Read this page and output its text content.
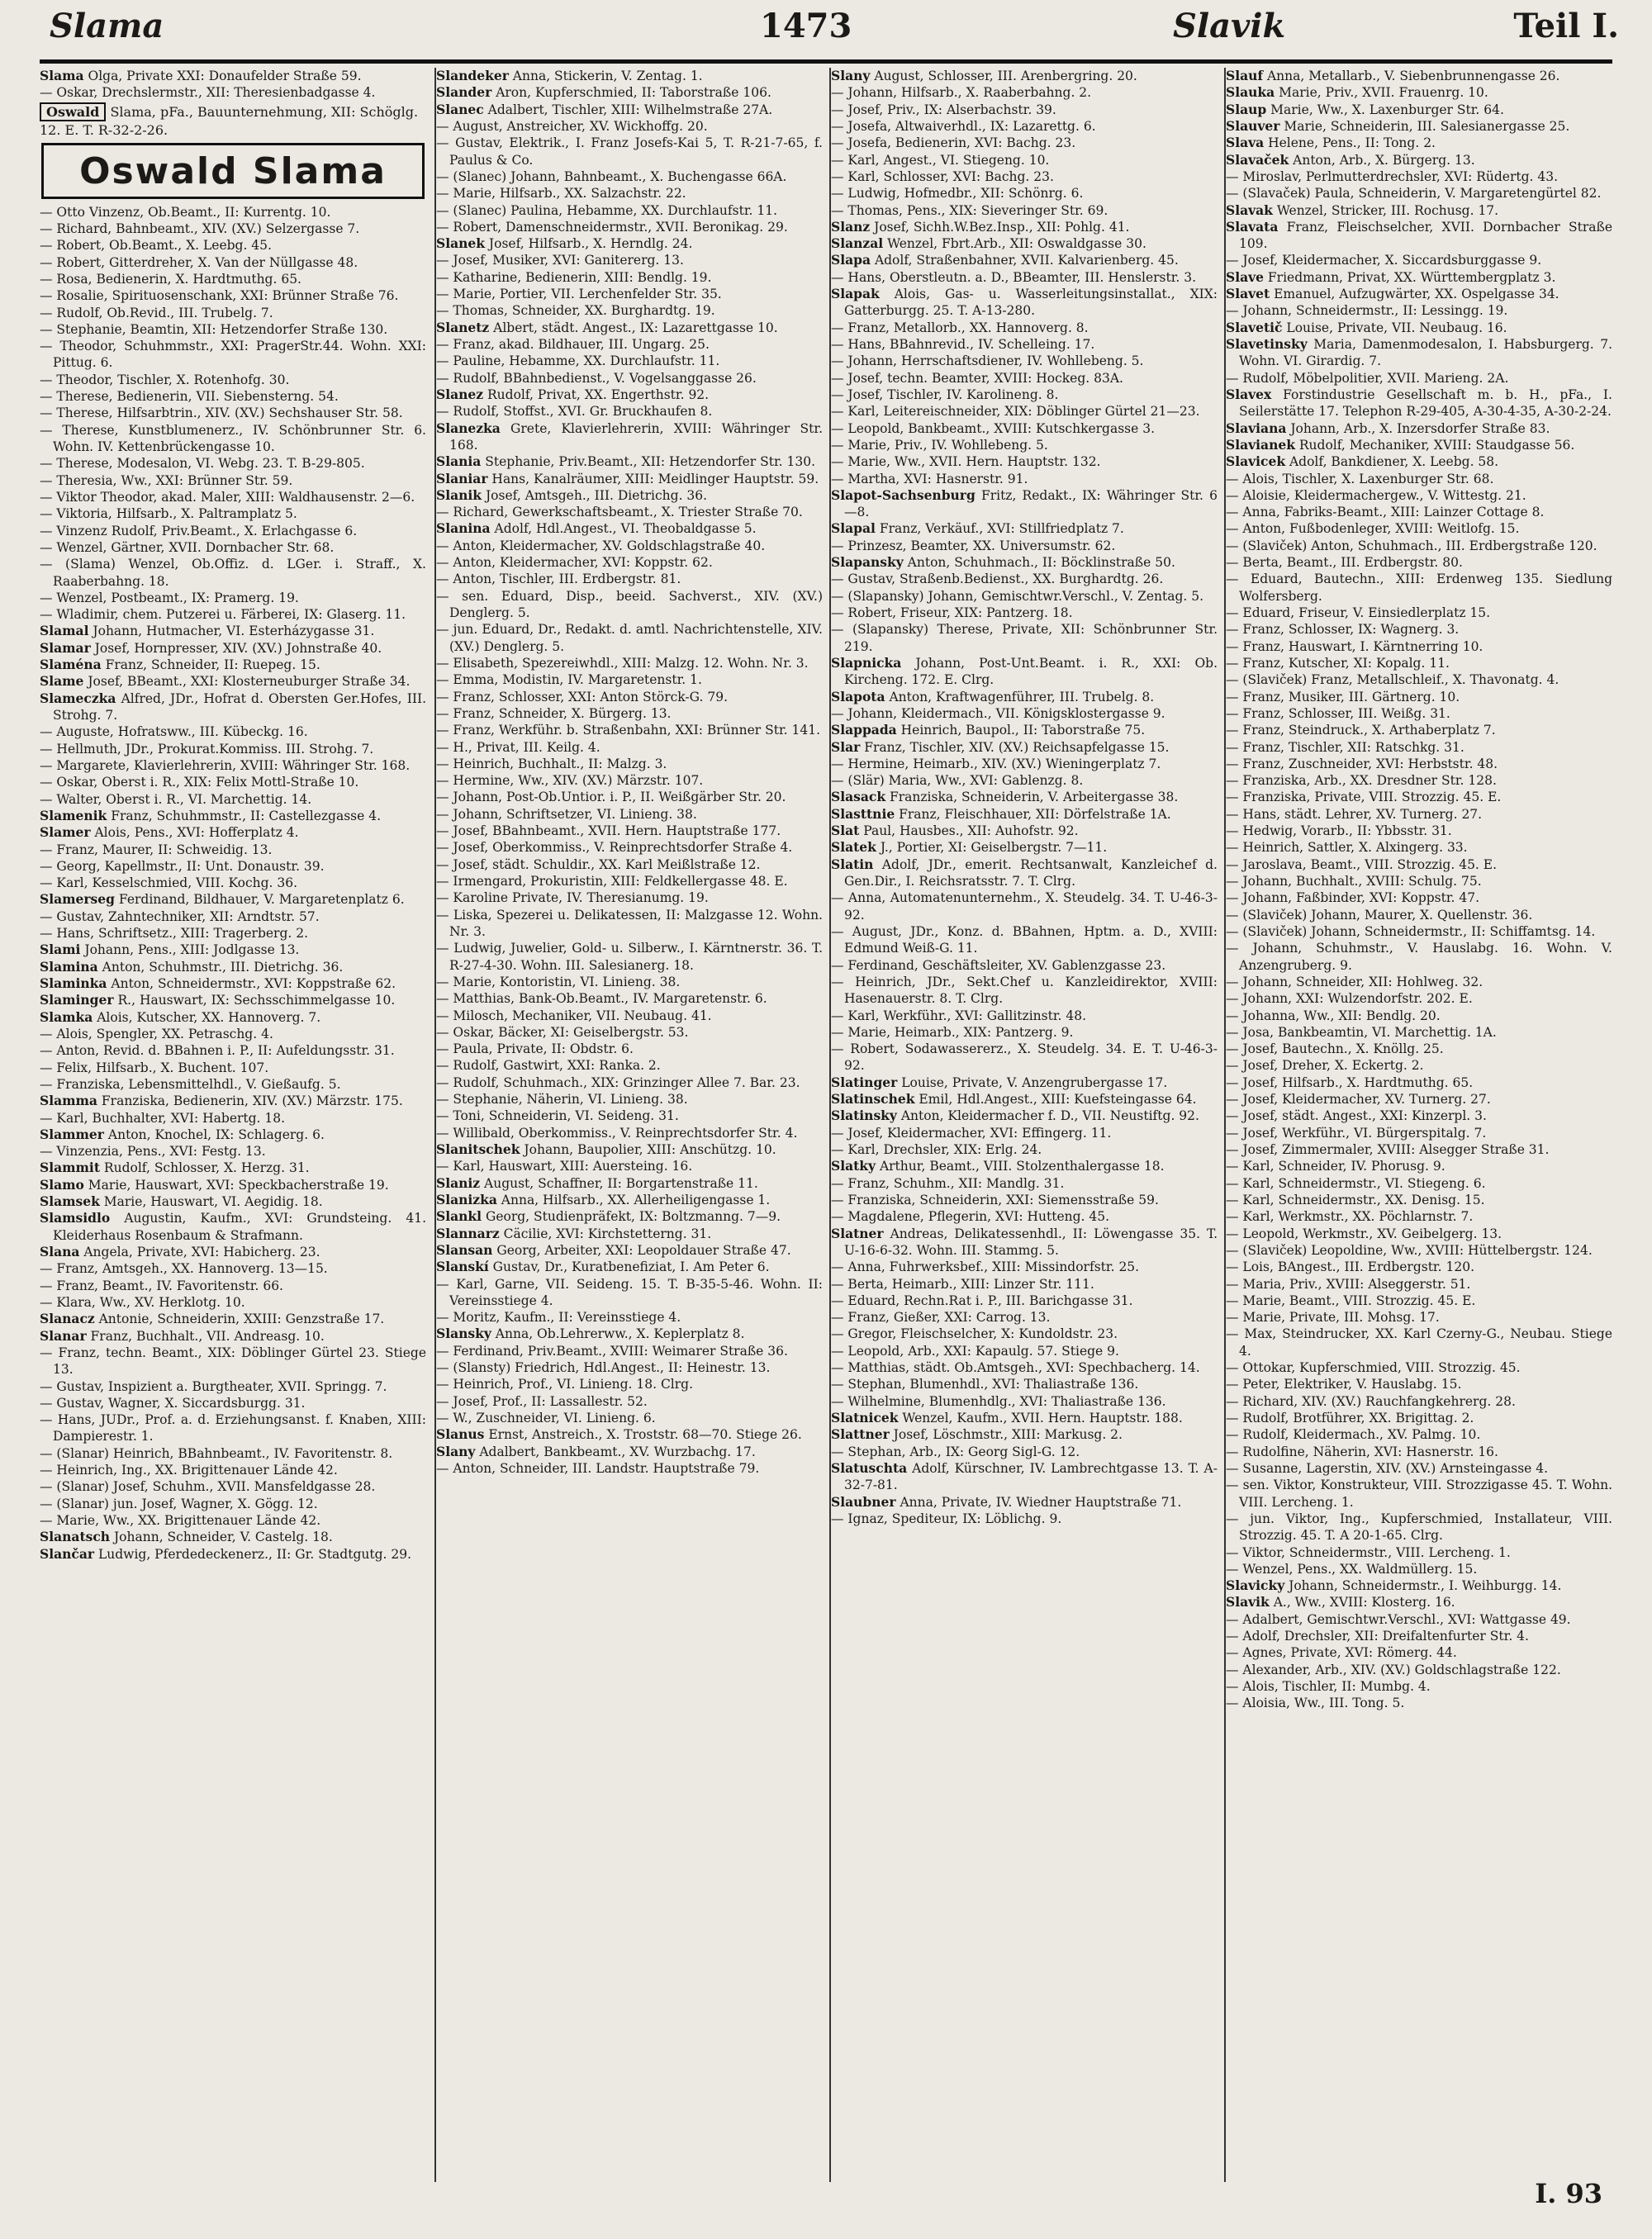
Slama	1473	Slavik	Teil I.

Slama Olga, Private XXI: Donaufelder Straße 59.

— Oskar, Drechslermstr., XII: Theresienbadgasse 4.

Oswald Slama, pFa., Bauunternehmung, XII: Schöglg. 12. E. T. R-32-2-26.
Oswald Slama

— Otto Vinzenz, Ob.Beamt., II: Kurrentg. 10.

— Richard, Bahnbeamt., XIV. (XV.) Selzergasse 7.

— Robert, Ob.Beamt., X. Leebg. 45.

— Robert, Gitterdreher, X. Van der Nüllgasse 48.

— Rosa, Bedienerin, X. Hardtmuthg. 65.

— Rosalie, Spirituosenschank, XXI: Brünner Straße 76.

— Rudolf, Ob.Revid., III. Trubelg. 7.

— Stephanie, Beamtin, XII: Hetzendorfer Straße 130.

— Theodor, Schuhmmstr., XXI: PragerStr.44. Wohn. XXI: Pittug. 6.

— Theodor, Tischler, X. Rotenhofg. 30.

— Therese, Bedienerin, VII. Siebensterng. 54.

— Therese, Hilfsarbtrin., XIV. (XV.) Sechshauser Str. 58.

— Therese, Kunstblumenerz., IV. Schönbrunner Str. 6. Wohn. IV. Kettenbrückengasse 10.

— Therese, Modesalon, VI. Webg. 23. T. B-29-805.

— Theresia, Ww., XXI: Brünner Str. 59.

— Viktor Theodor, akad. Maler, XIII: Waldhausenstr. 2—6.

— Viktoria, Hilfsarb., X. Paltramplatz 5.

— Vinzenz Rudolf, Priv.Beamt., X. Erlachgasse 6.

— Wenzel, Gärtner, XVII. Dornbacher Str. 68.

— (Slama) Wenzel, Ob.Offiz. d. LGer. i. Straff., X. Raaberbahng. 18.

— Wenzel, Postbeamt., IX: Pramerg. 19.

— Wladimir, chem. Putzerei u. Färberei, IX: Glaserg. 11.

Slamal Johann, Hutmacher, VI. Esterházygasse 31.

Slamar Josef, Hornpresser, XIV. (XV.) Johnstraße 40.

Slaména Franz, Schneider, II: Ruepeg. 15.

Slame Josef, BBeamt., XXI: Klosterneuburger Straße 34.

Slameczka Alfred, JDr., Hofrat d. Obersten Ger.Hofes, III. Strohg. 7.

— Auguste, Hofratsww., III. Kübeckg. 16.

— Hellmuth, JDr., Prokurat.Kommiss. III. Strohg. 7.

— Margarete, Klavierlehrerin, XVIII: Währinger Str. 168.

— Oskar, Oberst i. R., XIX: Felix Mottl-Straße 10.

— Walter, Oberst i. R., VI. Marchettig. 14.

Slamenik Franz, Schuhmmstr., II: Castellezgasse 4.

Slamer Alois, Pens., XVI: Hofferplatz 4.

— Franz, Maurer, II: Schweidig. 13.

— Georg, Kapellmstr., II: Unt. Donaustr. 39.

— Karl, Kesselschmied, VIII. Kochg. 36.

Slamerseg Ferdinand, Bildhauer, V. Margaretenplatz 6.

— Gustav, Zahntechniker, XII: Arndtstr. 57.

— Hans, Schriftsetz., XIII: Tragerberg. 2.

Slami Johann, Pens., XIII: Jodlgasse 13.

Slamina Anton, Schuhmstr., III. Dietrichg. 36.

Slaminka Anton, Schneidermstr., XVI: Koppstraße 62.

Slaminger R., Hauswart, IX: Sechsschimmelgasse 10.

Slamka Alois, Kutscher, XX. Hannoverg. 7.

— Alois, Spengler, XX. Petraschg. 4.

— Anton, Revid. d. BBahnen i. P., II: Aufeldungsstr. 31.

— Felix, Hilfsarb., X. Buchent. 107.

— Franziska, Lebensmittelhdl., V. Gießaufg. 5.

Slamma Franziska, Bedienerin, XIV. (XV.) Märzstr. 175.

— Karl, Buchhalter, XVI: Habertg. 18.

Slammer Anton, Knochel, IX: Schlagerg. 6.

— Vinzenzia, Pens., XVI: Festg. 13.

Slammit Rudolf, Schlosser, X. Herzg. 31.

Slamo Marie, Hauswart, XVI: Speckbacherstraße 19.

Slamsek Marie, Hauswart, VI. Aegidig. 18.

Slamsidlo Augustin, Kaufm., XVI: Grundsteing. 41. Kleiderhaus Rosenbaum & Strafmann.

Slana Angela, Private, XVI: Habicherg. 23.

— Franz, Amtsgeh., XX. Hannoverg. 13—15.

— Franz, Beamt., IV. Favoritenstr. 66.

— Klara, Ww., XV. Herklotg. 10.

Slanacz Antonie, Schneiderin, XXIII: Genzstraße 17.

Slanar Franz, Buchhalt., VII. Andreasg. 10.

— Franz, techn. Beamt., XIX: Döblinger Gürtel 23. Stiege 13.

— Gustav, Inspizient a. Burgtheater, XVII. Springg. 7.

— Gustav, Wagner, X. Siccardsburgg. 31.

— Hans, JUDr., Prof. a. d. Erziehungsanst. f. Knaben, XIII: Dampierestr. 1.

— (Slanar) Heinrich, BBahnbeamt., IV. Favoritenstr. 8.

— Heinrich, Ing., XX. Brigittenauer Lände 42.

— (Slanar) Josef, Schuhm., XVII. Mansfeldgasse 28.

— (Slanar) jun. Josef, Wagner, X. Gögg. 12.

— Marie, Ww., XX. Brigittenauer Lände 42.

Slanatsch Johann, Schneider, V. Castelg. 18.

Slančar Ludwig, Pferdedeckenerz., II: Gr. Stadtgutg. 29.

Slandeker Anna, Stickerin, V. Zentag. 1.

Slander Aron, Kupferschmied, II: Taborstraße 106.

Slanec Adalbert, Tischler, XIII: Wilhelmstraße 27A.

— August, Anstreicher, XV. Wickhoffg. 20.

— Gustav, Elektrik., I. Franz Josefs-Kai 5, T. R-21-7-65, f. Paulus & Co.

— (Slanec) Johann, Bahnbeamt., X. Buchengasse 66A.

— Marie, Hilfsarb., XX. Salzachstr. 22.

— (Slanec) Paulina, Hebamme, XX. Durchlaufstr. 11.

— Robert, Damenschneidermstr., XVII. Beronikag. 29.

Slanek Josef, Hilfsarb., X. Herndlg. 24.

— Josef, Musiker, XVI: Ganitererg. 13.

— Katharine, Bedienerin, XIII: Bendlg. 19.

— Marie, Portier, VII. Lerchenfelder Str. 35.

— Thomas, Schneider, XX. Burghardtg. 19.

Slanetz Albert, städt. Angest., IX: Lazarettgasse 10.

— Franz, akad. Bildhauer, III. Ungarg. 25.

— Pauline, Hebamme, XX. Durchlaufstr. 11.

— Rudolf, BBahnbedienst., V. Vogelsanggasse 26.

Slanez Rudolf, Privat, XX. Engerthstr. 92.

— Rudolf, Stoffst., XVI. Gr. Bruckhaufen 8.

Slanezka Grete, Klavierlehrerin, XVIII: Währinger Str. 168.

Slania Stephanie, Priv.Beamt., XII: Hetzendorfer Str. 130.

Slaniar Hans, Kanalräumer, XIII: Meidlinger Hauptstr. 59.

Slanik Josef, Amtsgeh., III. Dietrichg. 36.

— Richard, Gewerkschaftsbeamt., X. Triester Straße 70.

Slanina Adolf, Hdl.Angest., VI. Theobaldgasse 5.

— Anton, Kleidermacher, XV. Goldschlagstraße 40.

— Anton, Kleidermacher, XVI: Koppstr. 62.

— Anton, Tischler, III. Erdbergstr. 81.

— sen. Eduard, Disp., beeid. Sachverst., XIV. (XV.) Denglerg. 5.

— jun. Eduard, Dr., Redakt. d. amtl. Nachrichtenstelle, XIV. (XV.) Denglerg. 5.

— Elisabeth, Spezereiwhdl., XIII: Malzg. 12. Wohn. Nr. 3.

— Emma, Modistin, IV. Margaretenstr. 1.

— Franz, Schlosser, XXI: Anton Störck-G. 79.

— Franz, Schneider, X. Bürgerg. 13.

— Franz, Werkführ. b. Straßenbahn, XXI: Brünner Str. 141.

— H., Privat, III. Keilg. 4.

— Heinrich, Buchhalt., II: Malzg. 3.

— Hermine, Ww., XIV. (XV.) Märzstr. 107.

— Johann, Post-Ob.Untior. i. P., II. Weißgärber Str. 20.

— Johann, Schriftsetzer, VI. Linieng. 38.

— Josef, BBahnbeamt., XVII. Hern. Hauptstraße 177.

— Josef, Oberkommiss., V. Reinprechtsdorfer Straße 4.

— Josef, städt. Schuldir., XX. Karl Meißlstraße 12.

— Irmengard, Prokuristin, XIII: Feldkellergasse 48. E.

— Karoline Private, IV. Theresianumg. 19.

— Liska, Spezerei u. Delikatessen, II: Malzgasse 12. Wohn. Nr. 3.

— Ludwig, Juwelier, Gold- u. Silberw., I. Kärntnerstr. 36. T. R-27-4-30. Wohn. III. Salesianerg. 18.

— Marie, Kontoristin, VI. Linieng. 38.

— Matthias, Bank-Ob.Beamt., IV. Margaretenstr. 6.

— Milosch, Mechaniker, VII. Neubaug. 41.

— Oskar, Bäcker, XI: Geiselbergstr. 53.

— Paula, Private, II: Obdstr. 6.

— Rudolf, Gastwirt, XXI: Ranka. 2.

— Rudolf, Schuhmach., XIX: Grinzinger Allee 7. Bar. 23.

— Stephanie, Näherin, VI. Linieng. 38.

— Toni, Schneiderin, VI. Seideng. 31.

— Willibald, Oberkommiss., V. Reinprechtsdorfer Str. 4.

Slanitschek Johann, Baupolier, XIII: Anschützg. 10.

— Karl, Hauswart, XIII: Auersteing. 16.

Slaniz August, Schaffner, II: Borgartenstraße 11.

Slanizka Anna, Hilfsarb., XX. Allerheiligengasse 1.

Slankl Georg, Studienpräfekt, IX: Boltzmanng. 7—9.

Slannarz Cäcilie, XVI: Kirchstetterng. 31.

Slansan Georg, Arbeiter, XXI: Leopoldauer Straße 47.

Slanskí Gustav, Dr., Kuratbenefiziat, I. Am Peter 6.

— Karl, Garne, VII. Seideng. 15. T. B-35-5-46. Wohn. II: Vereinsstiege 4.

— Moritz, Kaufm., II: Vereinsstiege 4.

Slansky Anna, Ob.Lehrerww., X. Keplerplatz 8.

— Ferdinand, Priv.Beamt., XVIII: Weimarer Straße 36.

— (Slansty) Friedrich, Hdl.Angest., II: Heinestr. 13.

— Heinrich, Prof., VI. Linieng. 18. Clrg.

— Josef, Prof., II: Lassallestr. 52.

— W., Zuschneider, VI. Linieng. 6.

Slanus Ernst, Anstreich., X. Troststr. 68—70. Stiege 26.

Slany Adalbert, Bankbeamt., XV. Wurzbachg. 17.

— Anton, Schneider, III. Landstr. Hauptstraße 79.

Slany August, Schlosser, III. Arenbergring. 20.

— Johann, Hilfsarb., X. Raaberbahng. 2.

— Josef, Priv., IX: Alserbachstr. 39.

— Josefa, Altwaiverhdl., IX: Lazarettg. 6.

— Josefa, Bedienerin, XVI: Bachg. 23.

— Karl, Angest., VI. Stiegeng. 10.

— Karl, Schlosser, XVI: Bachg. 23.

— Ludwig, Hofmedbr., XII: Schönrg. 6.

— Thomas, Pens., XIX: Sieveringer Str. 69.

Slanz Josef, Sichh.W.Bez.Insp., XII: Pohlg. 41.

Slanzal Wenzel, Fbrt.Arb., XII: Oswaldgasse 30.

Slapa Adolf, Straßenbahner, XVII. Kalvarienberg. 45.

— Hans, Oberstleutn. a. D., BBeamter, III. Henslerstr. 3.

Slapak Alois, Gas- u. Wasserleitungsinstallat., XIX: Gatterburgg. 25. T. A-13-280.

— Franz, Metallorb., XX. Hannoverg. 8.

— Hans, BBahnrevid., IV. Schelleing. 17.

— Johann, Herrschaftsdiener, IV. Wohllebeng. 5.

— Josef, techn. Beamter, XVIII: Hockeg. 83A.

— Josef, Tischler, IV. Karolineng. 8.

— Karl, Leitereischneider, XIX: Döblinger Gürtel 21—23.

— Leopold, Bankbeamt., XVIII: Kutschkergasse 3.

— Marie, Priv., IV. Wohllebeng. 5.

— Marie, Ww., XVII. Hern. Hauptstr. 132.

— Martha, XVI: Hasnerstr. 91.

Slapot-Sachsenburg Fritz, Redakt., IX: Währinger Str. 6—8.

Slapal Franz, Verkäuf., XVI: Stillfriedplatz 7.

— Prinzesz, Beamter, XX. Universumstr. 62.

Slapansky Anton, Schuhmach., II: Böcklinstraße 50.

— Gustav, Straßenb.Bedienst., XX. Burghardtg. 26.

— (Slapansky) Johann, Gemischtwr.Verschl., V. Zentag. 5.

— Robert, Friseur, XIX: Pantzerg. 18.

— (Slapansky) Therese, Private, XII: Schönbrunner Str. 219.

Slapnicka Johann, Post-Unt.Beamt. i. R., XXI: Ob. Kircheng. 172. E. Clrg.

Slapota Anton, Kraftwagenführer, III. Trubelg. 8.

— Johann, Kleidermach., VII. Königsklostergasse 9.

Slappada Heinrich, Baupol., II: Taborstraße 75.

Slar Franz, Tischler, XIV. (XV.) Reichsapfelgasse 15.

— Hermine, Heimarb., XIV. (XV.) Wieningerplatz 7.

— (Slär) Maria, Ww., XVI: Gablenzg. 8.

Slasack Franziska, Schneiderin, V. Arbeitergasse 38.

Slasttnie Franz, Fleischhauer, XII: Dörfelstraße 1A.

Slat Paul, Hausbes., XII: Auhofstr. 92.

Slatek J., Portier, XI: Geiselbergstr. 7—11.

Slatin Adolf, JDr., emerit. Rechtsanwalt, Kanzleichef d. Gen.Dir., I. Reichsratsstr. 7. T. Clrg.

— Anna, Automatenunternehm., X. Steudelg. 34. T. U-46-3-92.

— August, JDr., Konz. d. BBahnen, Hptm. a. D., XVIII: Edmund Weiß-G. 11.

— Ferdinand, Geschäftsleiter, XV. Gablenzgasse 23.

— Heinrich, JDr., Sekt.Chef u. Kanzleidirektor, XVIII: Hasenauerstr. 8. T. Clrg.

— Karl, Werkführ., XVI: Gallitzinstr. 48.

— Marie, Heimarb., XIX: Pantzerg. 9.

— Robert, Sodawassererz., X. Steudelg. 34. E. T. U-46-3-92.

Slatinger Louise, Private, V. Anzengrubergasse 17.

Slatinschek Emil, Hdl.Angest., XIII: Kuefsteingasse 64.

Slatinsky Anton, Kleidermacher f. D., VII. Neustiftg. 92.

— Josef, Kleidermacher, XVI: Effingerg. 11.

— Karl, Drechsler, XIX: Erlg. 24.

Slatky Arthur, Beamt., VIII. Stolzenthalergasse 18.

— Franz, Schuhm., XII: Mandlg. 31.

— Franziska, Schneiderin, XXI: Siemensstraße 59.

— Magdalene, Pflegerin, XVI: Hutteng. 45.

Slatner Andreas, Delikatessenhdl., II: Löwengasse 35. T. U-16-6-32. Wohn. III. Stammg. 5.

— Anna, Fuhrwerksbef., XIII: Missindorfstr. 25.

— Berta, Heimarb., XIII: Linzer Str. 111.

— Eduard, Rechn.Rat i. P., III. Barichgasse 31.

— Franz, Gießer, XXI: Carrog. 13.

— Gregor, Fleischselcher, X: Kundoldstr. 23.

— Leopold, Arb., XXI: Kapaulg. 57. Stiege 9.

— Matthias, städt. Ob.Amtsgeh., XVI: Spechbacherg. 14.

— Stephan, Blumenhdl., XVI: Thaliastraße 136.

— Wilhelmine, Blumenhdlg., XVI: Thaliastraße 136.

Slatnicek Wenzel, Kaufm., XVII. Hern. Hauptstr. 188.

Slattner Josef, Löschmstr., XIII: Markusg. 2.

— Stephan, Arb., IX: Georg Sigl-G. 12.

Slatuschta Adolf, Kürschner, IV. Lambrechtgasse 13. T. A-32-7-81.

Slaubner Anna, Private, IV. Wiedner Hauptstraße 71.

— Ignaz, Spediteur, IX: Löblichg. 9.

Slauf Anna, Metallarb., V. Siebenbrunnengasse 26.

Slauka Marie, Priv., XVII. Frauenrg. 10.

Slaup Marie, Ww., X. Laxenburger Str. 64.

Slauver Marie, Schneiderin, III. Salesianergasse 25.

Slava Helene, Pens., II: Tong. 2.

Slavaček Anton, Arb., X. Bürgerg. 13.

— Miroslav, Perlmutterdrechsler, XVI: Rüdertg. 43.

— (Slavaček) Paula, Schneiderin, V. Margaretengürtel 82.

Slavak Wenzel, Stricker, III. Rochusg. 17.

Slavata Franz, Fleischselcher, XVII. Dornbacher Straße 109.

— Josef, Kleidermacher, X. Siccardsburggasse 9.

Slave Friedmann, Privat, XX. Württembergplatz 3.

Slavet Emanuel, Aufzugwärter, XX. Ospelgasse 34.

— Johann, Schneidermstr., II: Lessingg. 19.

Slavetič Louise, Private, VII. Neubaug. 16.

Slavetinsky Maria, Damenmodesalon, I. Habsburgerg. 7. Wohn. VI. Girardig. 7.

— Rudolf, Möbelpolitier, XVII. Marieng. 2A.

Slavex Forstindustrie Gesellschaft m. b. H., pFa., I. Seilerstätte 17. Telephon R-29-405, A-30-4-35, A-30-2-24.

Slaviana Johann, Arb., X. Inzersdorfer Straße 83.

Slavianek Rudolf, Mechaniker, XVIII: Staudgasse 56.

Slavicek Adolf, Bankdiener, X. Leebg. 58.

— Alois, Tischler, X. Laxenburger Str. 68.

— Aloisie, Kleidermachergew., V. Wittestg. 21.

— Anna, Fabriks-Beamt., XIII: Lainzer Cottage 8.

— Anton, Fußbodenleger, XVIII: Weitlofg. 15.

— (Slaviček) Anton, Schuhmach., III. Erdbergstraße 120.

— Berta, Beamt., III. Erdbergstr. 80.

— Eduard, Bautechn., XIII: Erdenweg 135. Siedlung Wolfersberg.

— Eduard, Friseur, V. Einsiedlerplatz 15.

— Franz, Schlosser, IX: Wagnerg. 3.

— Franz, Hauswart, I. Kärntnerring 10.

— Franz, Kutscher, XI: Kopalg. 11.

— (Slaviček) Franz, Metallschleif., X. Thavonatg. 4.

— Franz, Musiker, III. Gärtnerg. 10.

— Franz, Schlosser, III. Weißg. 31.

— Franz, Steindruck., X. Arthaberplatz 7.

— Franz, Tischler, XII: Ratschkg. 31.

— Franz, Zuschneider, XVI: Herbststr. 48.

— Franziska, Arb., XX. Dresdner Str. 128.

— Franziska, Private, VIII. Strozzig. 45. E.

— Hans, städt. Lehrer, XV. Turnerg. 27.

— Hedwig, Vorarb., II: Ybbsstr. 31.

— Heinrich, Sattler, X. Alxingerg. 33.

— Jaroslava, Beamt., VIII. Strozzig. 45. E.

— Johann, Buchhalt., XVIII: Schulg. 75.

— Johann, Faßbinder, XVI: Koppstr. 47.

— (Slaviček) Johann, Maurer, X. Quellenstr. 36.

— (Slaviček) Johann, Schneidermstr., II: Schiffamtsg. 14.

— Johann, Schuhmstr., V. Hauslabg. 16. Wohn. V. Anzengruberg. 9.

— Johann, Schneider, XII: Hohlweg. 32.

— Johann, XXI: Wulzendorfstr. 202. E.

— Johanna, Ww., XII: Bendlg. 20.

— Josa, Bankbeamtin, VI. Marchettig. 1A.

— Josef, Bautechn., X. Knöllg. 25.

— Josef, Dreher, X. Eckertg. 2.

— Josef, Hilfsarb., X. Hardtmuthg. 65.

— Josef, Kleidermacher, XV. Turnerg. 27.

— Josef, städt. Angest., XXI: Kinzerpl. 3.

— Josef, Werkführ., VI. Bürgerspitalg. 7.

— Josef, Zimmermaler, XVIII: Alsegger Straße 31.

— Karl, Schneider, IV. Phorusg. 9.

— Karl, Schneidermstr., VI. Stiegeng. 6.

— Karl, Schneidermstr., XX. Denisg. 15.

— Karl, Werkmstr., XX. Pöchlarnstr. 7.

— Leopold, Werkmstr., XV. Geibelgerg. 13.

— (Slaviček) Leopoldine, Ww., XVIII: Hüttelbergstr. 124.

— Lois, BAngest., III. Erdbergstr. 120.

— Maria, Priv., XVIII: Alseggerstr. 51.

— Marie, Beamt., VIII. Strozzig. 45. E.

— Marie, Private, III. Mohsg. 17.

— Max, Steindrucker, XX. Karl Czerny-G., Neubau. Stiege 4.

— Ottokar, Kupferschmied, VIII. Strozzig. 45.

— Peter, Elektriker, V. Hauslabg. 15.

— Richard, XIV. (XV.) Rauchfangkehrerg. 28.

— Rudolf, Brotführer, XX. Brigittag. 2.

— Rudolf, Kleidermach., XV. Palmg. 10.

— Rudolfine, Näherin, XVI: Hasnerstr. 16.

— Susanne, Lagerstin, XIV. (XV.) Arnsteingasse 4.

— sen. Viktor, Konstrukteur, VIII. Strozzigasse 45. T. Wohn. VIII. Lercheng. 1.

— jun. Viktor, Ing., Kupferschmied, Installateur, VIII. Strozzig. 45. T. A 20-1-65. Clrg.

— Viktor, Schneidermstr., VIII. Lercheng. 1.

— Wenzel, Pens., XX. Waldmüllerg. 15.

Slavicky Johann, Schneidermstr., I. Weihburgg. 14.

Slavik A., Ww., XVIII: Klosterg. 16.

— Adalbert, Gemischtwr.Verschl., XVI: Wattgasse 49.

— Adolf, Drechsler, XII: Dreifaltenfurter Str. 4.

— Agnes, Private, XVI: Römerg. 44.

— Alexander, Arb., XIV. (XV.) Goldschlagstraße 122.

— Alois, Tischler, II: Mumbg. 4.

— Aloisia, Ww., III. Tong. 5.

I. 93
